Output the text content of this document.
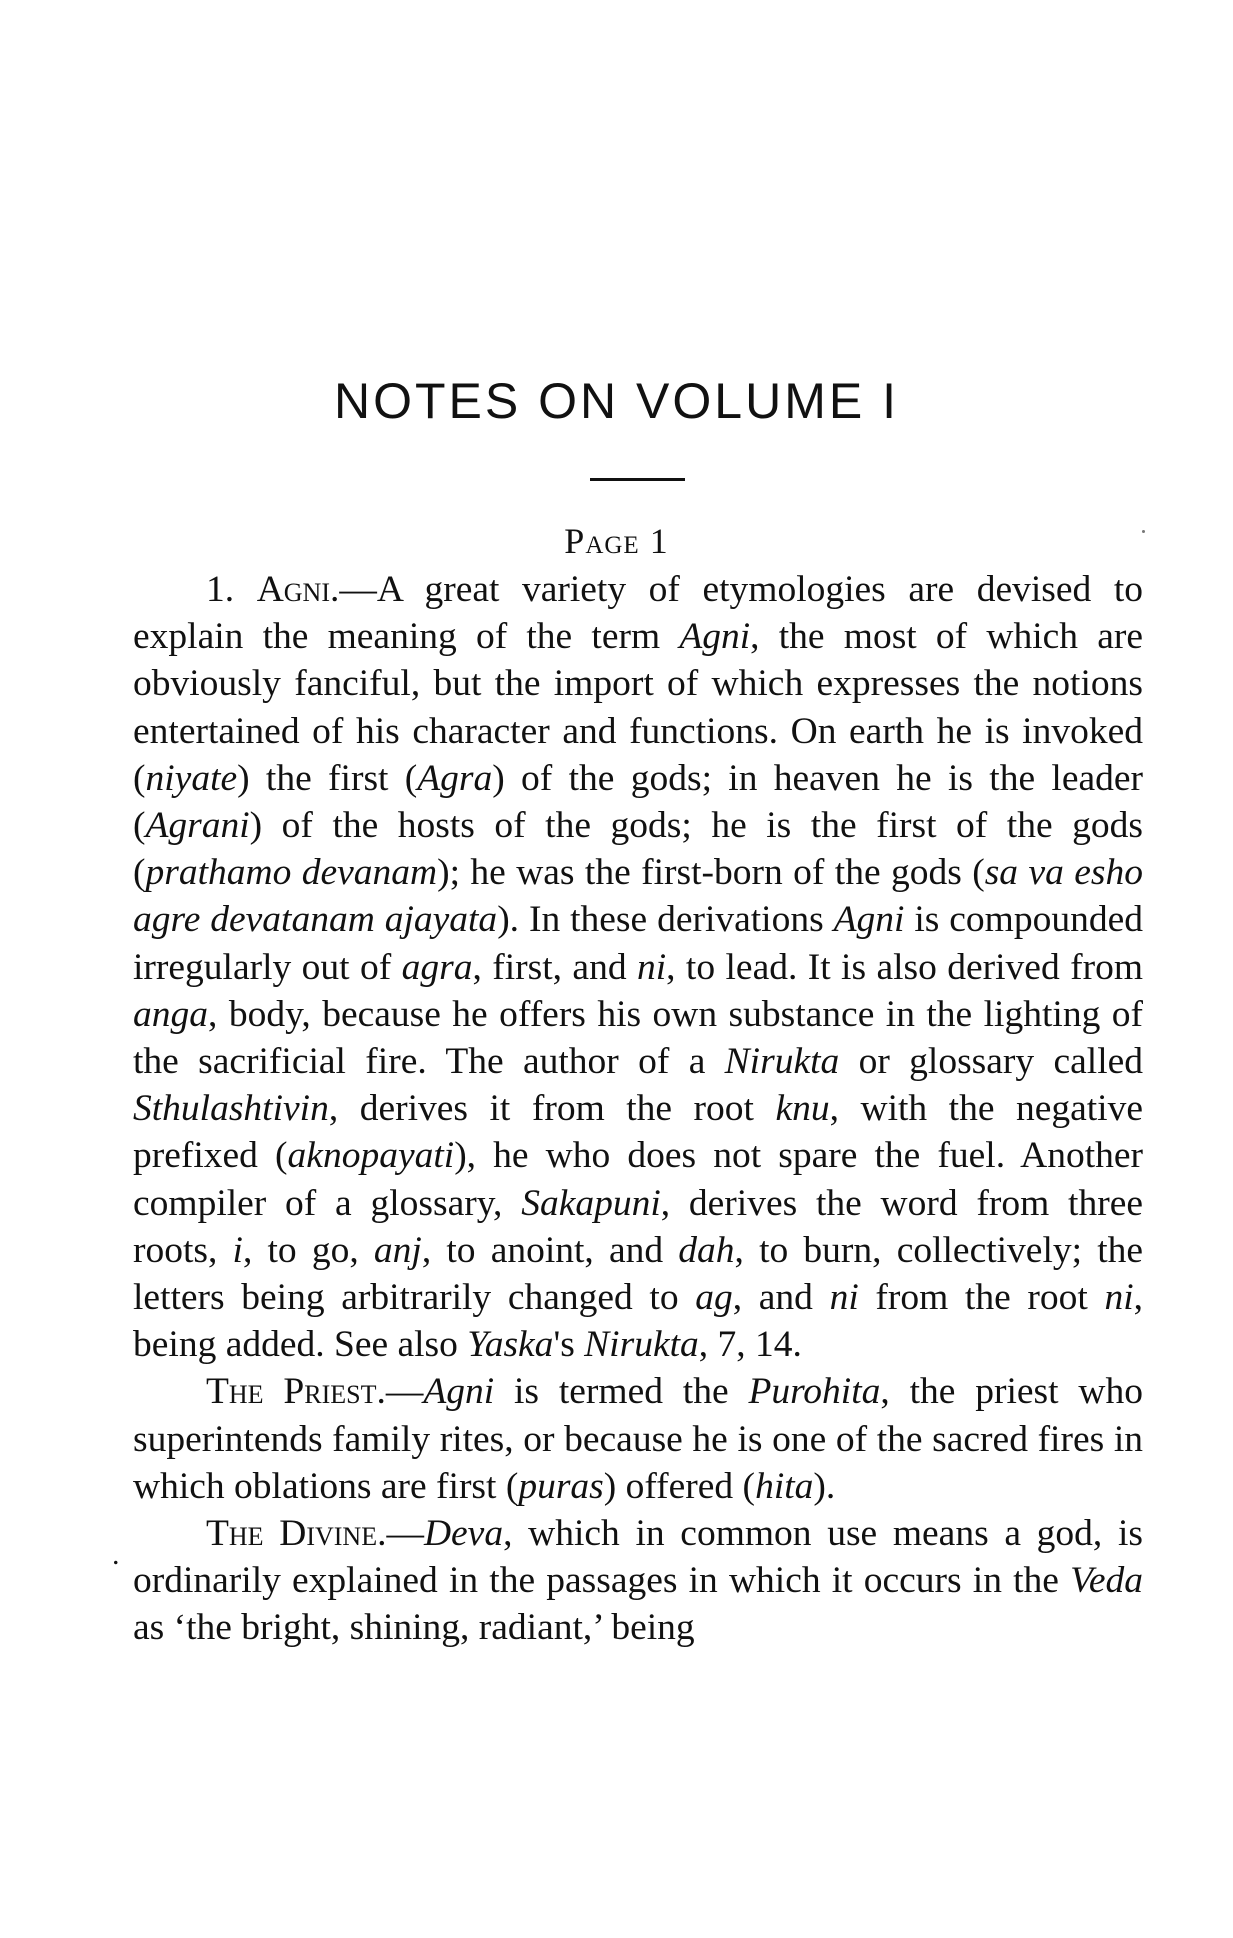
NOTES ON VOLUME I
Page 1
.

1. Agni.—A great variety of etymologies are devised to explain the meaning of the term Agni, the most of which are obviously fanciful, but the import of which expresses the notions entertained of his character and functions. On earth he is invoked (niyate) the first (Agra) of the gods; in heaven he is the leader (Agrani) of the hosts of the gods; he is the first of the gods (prathamo devanam); he was the first-born of the gods (sa va esho agre devatanam ajayata). In these derivations Agni is compounded irregularly out of agra, first, and ni, to lead. It is also derived from anga, body, because he offers his own substance in the lighting of the sacrificial fire. The author of a Nirukta or glossary called Sthulashtivin, derives it from the root knu, with the negative prefixed (aknopayati), he who does not spare the fuel. Another compiler of a glossary, Sakapuni, derives the word from three roots, i, to go, anj, to anoint, and dah, to burn, collectively; the letters being arbitrarily changed to ag, and ni from the root ni, being added. See also Yaska's Nirukta, 7, 14.

The Priest.—Agni is termed the Purohita, the priest who superintends family rites, or because he is one of the sacred fires in which oblations are first (puras) offered (hita).

The Divine.—Deva, which in common use means a god, is ordinarily explained in the passages in which it occurs in the Veda as ‘the bright, shining, radiant,’ being
